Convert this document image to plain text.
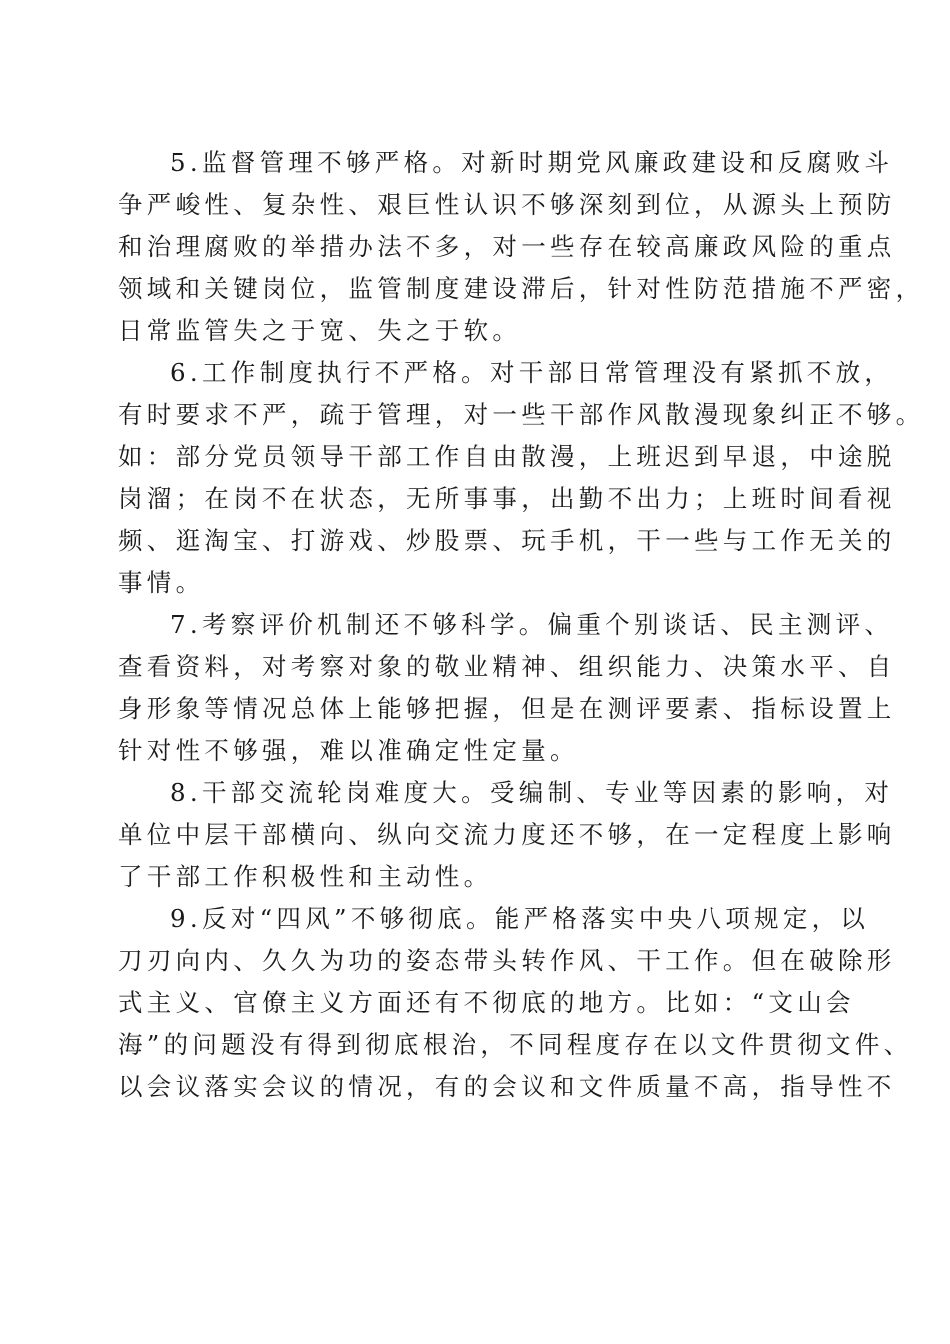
5.监督管理不够严格。对新时期党风廉政建设和反腐败斗
争严峻性、复杂性、艰巨性认识不够深刻到位，从源头上预防
和治理腐败的举措办法不多，对一些存在较高廉政风险的重点
领域和关键岗位，监管制度建设滞后，针对性防范措施不严密，
日常监管失之于宽、失之于软。

6.工作制度执行不严格。对干部日常管理没有紧抓不放，
有时要求不严，疏于管理，对一些干部作风散漫现象纠正不够。
如：部分党员领导干部工作自由散漫，上班迟到早退，中途脱
岗溜；在岗不在状态，无所事事，出勤不出力；上班时间看视
频、逛淘宝、打游戏、炒股票、玩手机，干一些与工作无关的
事情。

7.考察评价机制还不够科学。偏重个别谈话、民主测评、
查看资料，对考察对象的敬业精神、组织能力、决策水平、自
身形象等情况总体上能够把握，但是在测评要素、指标设置上
针对性不够强，难以准确定性定量。

8.干部交流轮岗难度大。受编制、专业等因素的影响，对
单位中层干部横向、纵向交流力度还不够，在一定程度上影响
了干部工作积极性和主动性。

9.反对“四风”不够彻底。能严格落实中央八项规定，以
刀刃向内、久久为功的姿态带头转作风、干工作。但在破除形
式主义、官僚主义方面还有不彻底的地方。比如：“文山会
海”的问题没有得到彻底根治，不同程度存在以文件贯彻文件、
以会议落实会议的情况，有的会议和文件质量不高，指导性不
